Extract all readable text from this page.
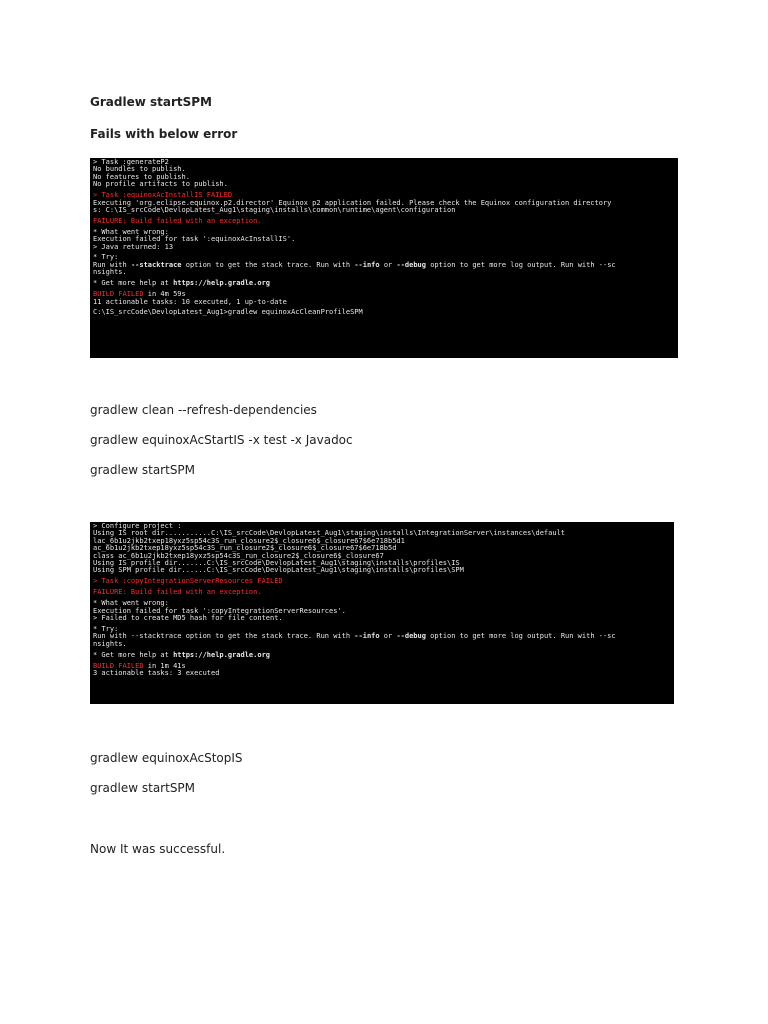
Gradlew startSPM
Fails with below error
> Task :generateP2
No bundles to publish.
No features to publish.
No profile artifacts to publish.
> Task :equinoxAcInstallIS FAILED
Executing 'org.eclipse.equinox.p2.director' Equinox p2 application failed. Please check the Equinox configuration directory
s: C:\IS_srcCode\DevlopLatest_Aug1\staging\installs\common\runtime\agent\configuration
FAILURE: Build failed with an exception.
* What went wrong:
Execution failed for task ':equinoxAcInstallIS'.
> Java returned: 13
* Try:
Run with --stacktrace option to get the stack trace. Run with --info or --debug option to get more log output. Run with --sc
nsights.
* Get more help at https://help.gradle.org
BUILD FAILED in 4m 59s
11 actionable tasks: 10 executed, 1 up-to-date
C:\IS_srcCode\DevlopLatest_Aug1>gradlew equinoxAcCleanProfileSPM
gradlew clean --refresh-dependencies
gradlew equinoxAcStartIS -x test -x Javadoc
gradlew startSPM
> Configure project :
Using IS root dir...........C:\IS_srcCode\DevlopLatest_Aug1\staging\installs\IntegrationServer\instances\default
lac_6b1u2jkb2txep18yxz5sp54c3S_run_closure2$_closure6$_closure67$6e718b5d1
ac_6b1u2jkb2txep18yxz5sp54c3S_run_closure2$_closure6$_closure67$6e718b5d
class ac_6b1u2jkb2txep18yxz5sp54c3S_run_closure2$_closure6$_closure67
Using IS profile dir.......C:\IS_srcCode\DevlopLatest_Aug1\staging\installs\profiles\IS
Using SPM profile dir......C:\IS_srcCode\DevlopLatest_Aug1\staging\installs\profiles\SPM
> Task :copyIntegrationServerResources FAILED
FAILURE: Build failed with an exception.
* What went wrong:
Execution failed for task ':copyIntegrationServerResources'.
> Failed to create MD5 hash for file content.
* Try:
Run with --stacktrace option to get the stack trace. Run with --info or --debug option to get more log output. Run with --sc
nsights.
* Get more help at https://help.gradle.org
BUILD FAILED in 1m 41s
3 actionable tasks: 3 executed
gradlew equinoxAcStopIS
gradlew startSPM
Now It was successful.
